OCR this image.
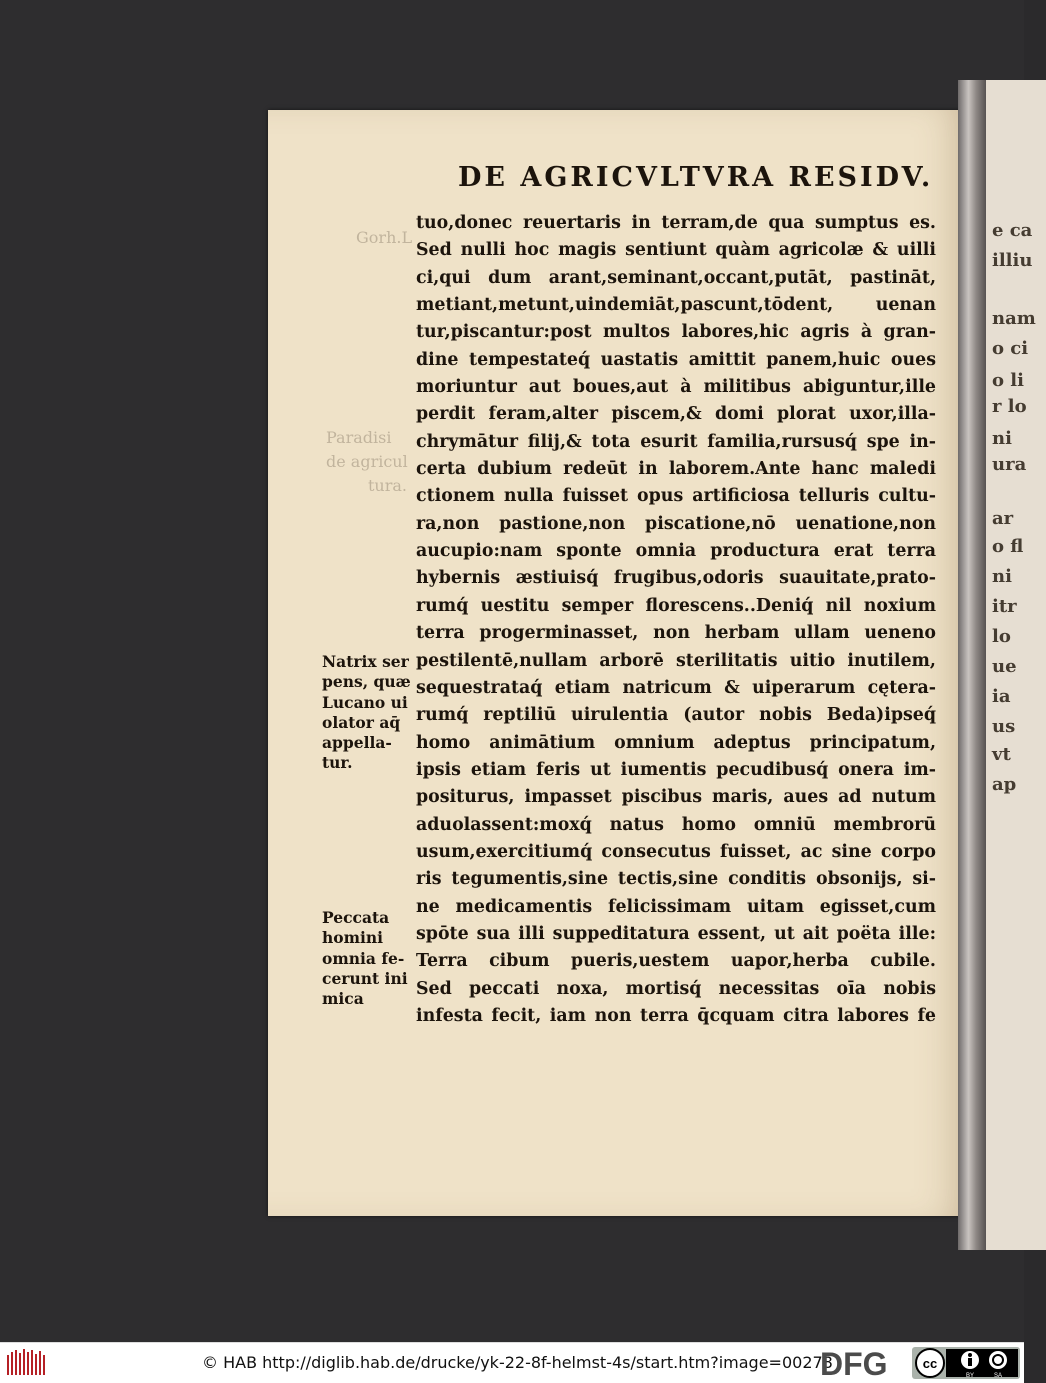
Gorh.L
Paradisi
de agricul
tura.
DE AGRICVLTVRA RESIDV.
tuo,donec reuertaris in terram,de qua sumptus es.
Sed nulli hoc magis sentiunt quàm agricolæ & uilli
ci,qui dum arant,seminant,occant,putāt, pastināt,
metiant,metunt,uindemiāt,pascunt,tōdent, uenan
tur,piscantur:post multos labores,hic agris à gran-
dine tempestateq́ uastatis amittit panem,huic oues
moriuntur aut boues,aut à militibus abiguntur,ille
perdit feram,alter piscem,& domi plorat uxor,illa-
chrymātur filij,& tota esurit familia,rursusq́ spe in-
certa dubium redeūt in laborem.Ante hanc maledi
ctionem nulla fuisset opus artificiosa telluris cultu-
ra,non pastione,non piscatione,nō uenatione,non
aucupio:nam sponte omnia productura erat terra
hybernis æstiuisq́ frugibus,odoris suauitate,prato-
rumq́ uestitu semper florescens..Deniq́ nil noxium
terra progerminasset, non herbam ullam ueneno
pestilentē,nullam arborē sterilitatis uitio inutilem,
sequestrataq́ etiam natricum & uiperarum cętera-
rumq́ reptiliū uirulentia (autor nobis Beda)ipseq́
homo animātium omnium adeptus principatum,
ipsis etiam feris ut iumentis pecudibusq́ onera im-
positurus, impasset piscibus maris, aues ad nutum
aduolassent:moxq́ natus homo omniū membrorū
usum,exercitiumq́ consecutus fuisset, ac sine corpo
ris tegumentis,sine tectis,sine conditis obsonijs, si-
ne medicamentis felicissimam uitam egisset,cum
spōte sua illi suppeditatura essent, ut ait poëta ille:
Terra cibum pueris,uestem uapor,herba cubile.
Sed peccati noxa, mortisq́ necessitas oīa nobis
infesta fecit, iam non terra q̄cquam citra labores fe
Natrix ser
pens, quæ
Lucano ui
olator aq̄
appella-
tur.
Peccata
homini
omnia fe-
cerunt ini
mica
e ca
illiu
nam
o ci
o li
r lo
ni
ura
ar
o fl
ni
itr
lo
ue
ia
us
vt
ap
© HAB http://diglib.hab.de/drucke/yk-22-8f-helmst-4s/start.htm?image=00278
DFG	cc
BY	SA
